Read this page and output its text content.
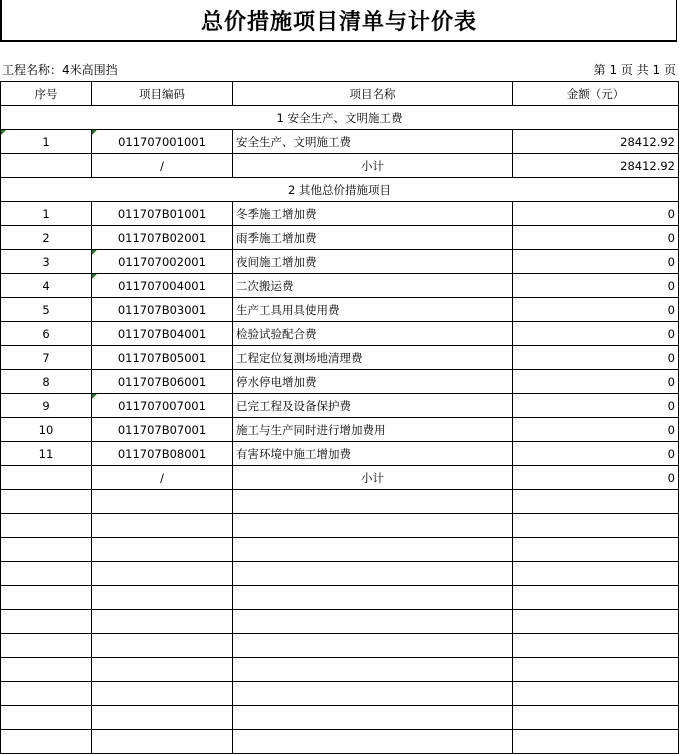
总价措施项目清单与计价表
工程名称：4米高围挡	第 1 页 共 1 页
序号	项目编码	项目名称	金额（元）
1 安全生产、文明施工费			

1	011707001001	安全生产、文明施工费	28412.92
	/	小计	28412.92
2 其他总价措施项目			
1	011707B01001	冬季施工增加费	0
2	011707B02001	雨季施工增加费	0
3	011707002001	夜间施工增加费	0
4	011707004001	二次搬运费	0
5	011707B03001	生产工具用具使用费	0
6	011707B04001	检验试验配合费	0
7	011707B05001	工程定位复测场地清理费	0
8	011707B06001	停水停电增加费	0
9	011707007001	已完工程及设备保护费	0
10	011707B07001	施工与生产同时进行增加费用	0
11	011707B08001	有害环境中施工增加费	0
	/	小计	0
